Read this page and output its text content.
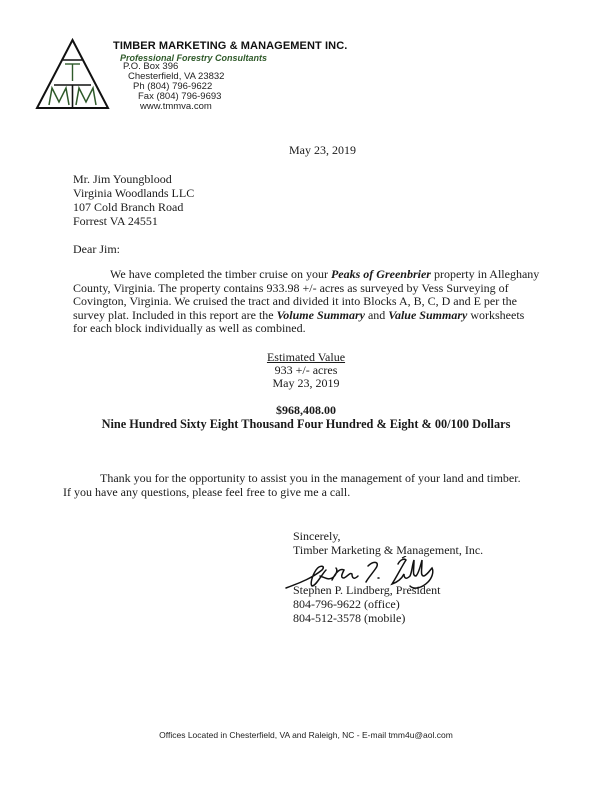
TIMBER MARKETING & MANAGEMENT INC.
Professional Forestry Consultants
P.O. Box 396
Chesterfield, VA 23832
Ph (804) 796-9622
Fax (804) 796-9693
www.tmmva.com
May 23, 2019
Mr. Jim Youngblood
Virginia Woodlands LLC
107 Cold Branch Road
Forrest VA 24551
Dear Jim:
We have completed the timber cruise on your Peaks of Greenbrier property in Alleghany
County, Virginia. The property contains 933.98 +/- acres as surveyed by Vess Surveying of
Covington, Virginia. We cruised the tract and divided it into Blocks A, B, C, D and E per the
survey plat. Included in this report are the Volume Summary and Value Summary worksheets
for each block individually as well as combined.
Estimated Value
933 +/- acres
May 23, 2019
$968,408.00
Nine Hundred Sixty Eight Thousand Four Hundred & Eight & 00/100 Dollars
Thank you for the opportunity to assist you in the management of your land and timber.
If you have any questions, please feel free to give me a call.
Sincerely,
Timber Marketing & Management, Inc.
Stephen P. Lindberg, President
804-796-9622 (office)
804-512-3578 (mobile)
Offices Located in Chesterfield, VA and Raleigh, NC - E-mail tmm4u@aol.com
